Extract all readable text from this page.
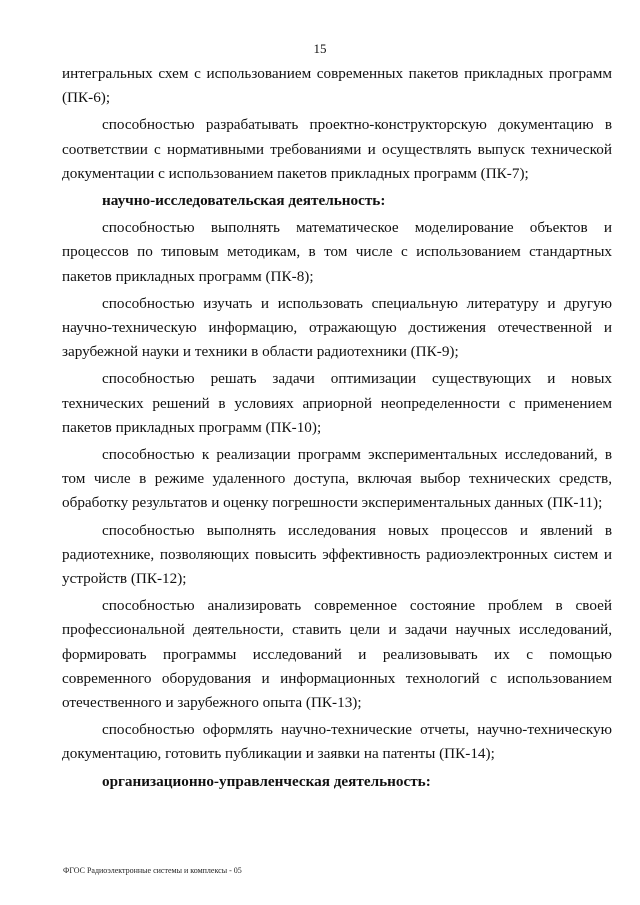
15

интегральных схем с использованием современных пакетов прикладных программ (ПК-6);

способностью разрабатывать проектно-конструкторскую документацию в соответствии с нормативными требованиями и осуществлять выпуск технической документации с использованием пакетов прикладных программ (ПК-7);

научно-исследовательская деятельность:

способностью выполнять математическое моделирование объектов и процессов по типовым методикам, в том числе с использованием стандартных пакетов прикладных программ (ПК-8);

способностью изучать и использовать специальную литературу и другую научно-техническую информацию, отражающую достижения отечественной и зарубежной науки и техники в области радиотехники (ПК-9);

способностью решать задачи оптимизации существующих и новых технических решений в условиях априорной неопределенности с применением пакетов прикладных программ (ПК-10);

способностью к реализации программ экспериментальных исследований, в том числе в режиме удаленного доступа, включая выбор технических средств, обработку результатов и оценку погрешности экспериментальных данных (ПК-11);

способностью выполнять исследования новых процессов и явлений в радиотехнике, позволяющих повысить эффективность радиоэлектронных систем и устройств (ПК-12);

способностью анализировать современное состояние проблем в своей профессиональной деятельности, ставить цели и задачи научных исследований, формировать программы исследований и реализовывать их с помощью современного оборудования и информационных технологий с использованием отечественного и зарубежного опыта (ПК-13);

способностью оформлять научно-технические отчеты, научно-техническую документацию, готовить публикации и заявки на патенты (ПК-14);

организационно-управленческая деятельность:

ФГОС Радиоэлектронные системы и комплексы - 05
